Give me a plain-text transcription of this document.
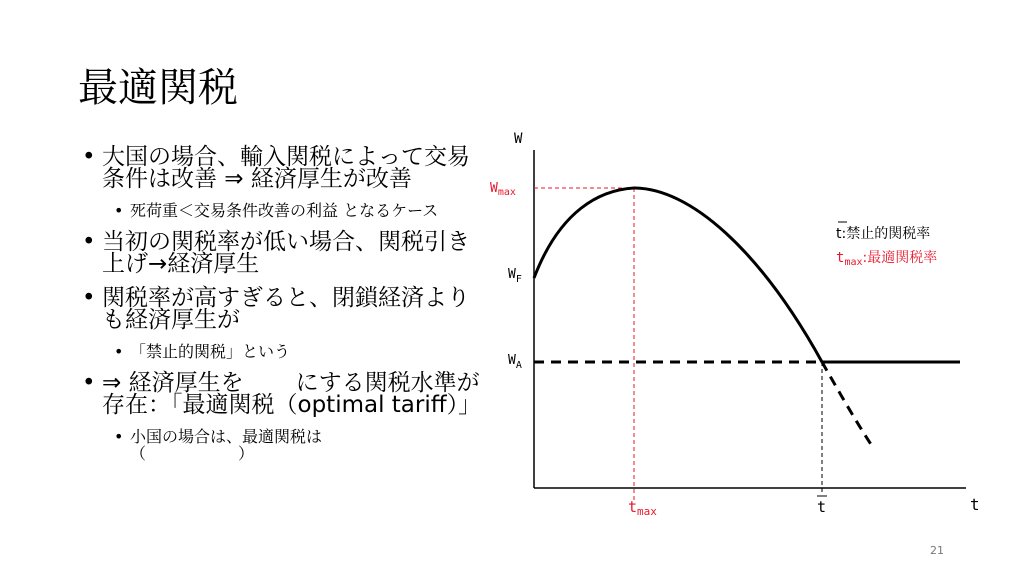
最適関税
• 大国の場合、輸入関税によって交易条件は改善 ⇒ 経済厚生が改善
• 死荷重＜交易条件改善の利益 となるケース
• 当初の関税率が低い場合、関税引き上げ→経済厚生
• 関税率が高すぎると、閉鎖経済よりも経済厚生が
• 「禁止的関税」という
• ⇒ 経済厚生を にする関税水準が存在：「最適関税（optimal tariff）」
• 小国の場合は、最適関税は
（	）
W
t
$W_{max}$
$W_F$
$W_A$
$t_{max}$	t
t:禁止的関税率
$t_{max}$:最適関税率
21
